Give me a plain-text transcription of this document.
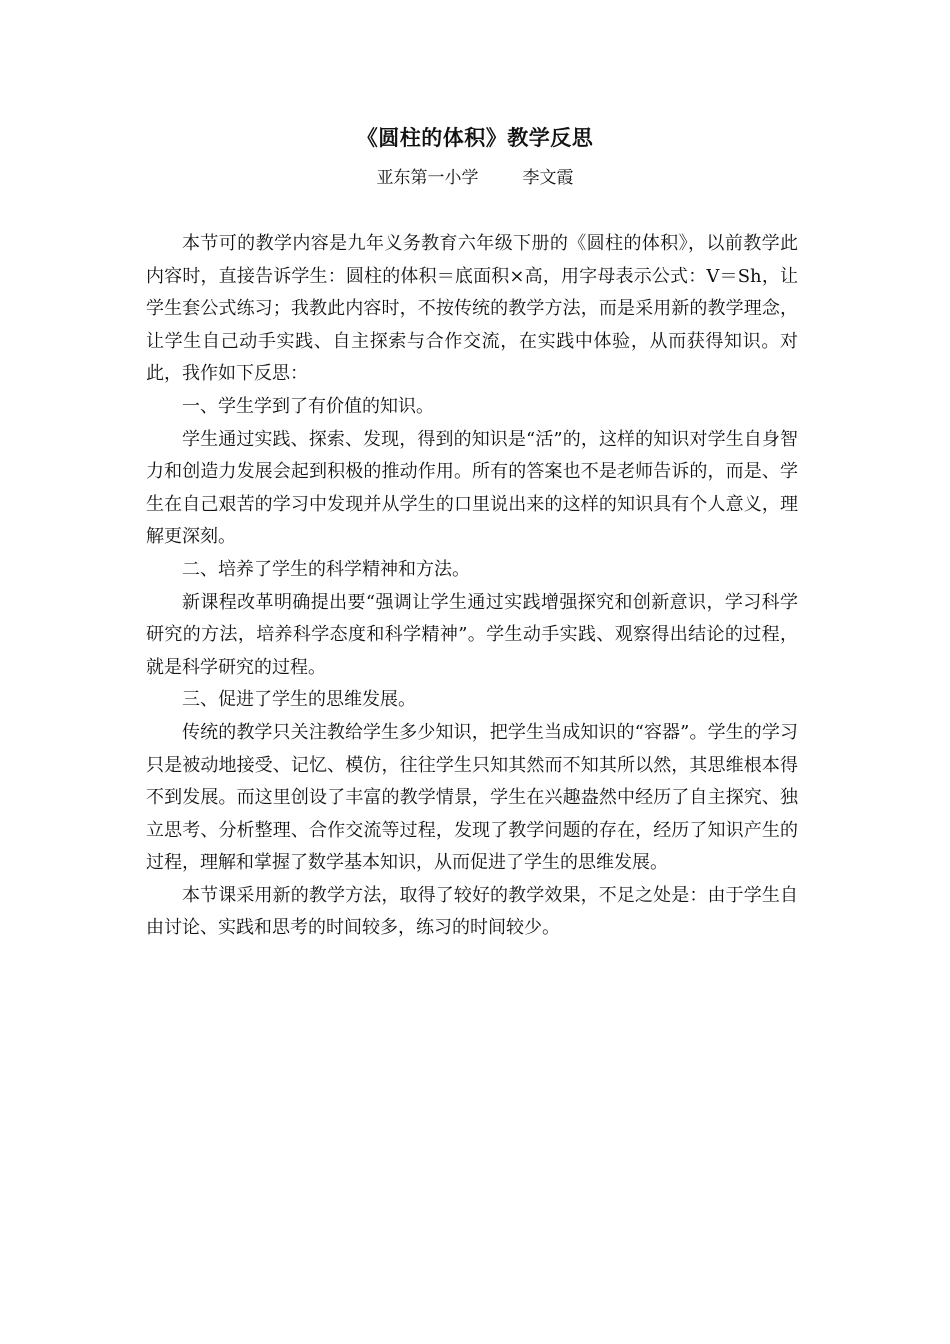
《圆柱的体积》教学反思
亚东第一小学	李文霞

本节可的教学内容是九年义务教育六年级下册的《圆柱的体积》，以前教学此内容时，直接告诉学生：圆柱的体积＝底面积×高，用字母表示公式：V＝Sh，让学生套公式练习；我教此内容时，不按传统的教学方法，而是采用新的教学理念，让学生自己动手实践、自主探索与合作交流，在实践中体验，从而获得知识。对此，我作如下反思：

一、学生学到了有价值的知识。

学生通过实践、探索、发现，得到的知识是“活”的，这样的知识对学生自身智力和创造力发展会起到积极的推动作用。所有的答案也不是老师告诉的，而是、学生在自己艰苦的学习中发现并从学生的口里说出来的这样的知识具有个人意义，理解更深刻。

二、培养了学生的科学精神和方法。

新课程改革明确提出要“强调让学生通过实践增强探究和创新意识，学习科学研究的方法，培养科学态度和科学精神”。学生动手实践、观察得出结论的过程，就是科学研究的过程。

三、促进了学生的思维发展。

传统的教学只关注教给学生多少知识，把学生当成知识的“容器”。学生的学习只是被动地接受、记忆、模仿，往往学生只知其然而不知其所以然，其思维根本得不到发展。而这里创设了丰富的教学情景，学生在兴趣盎然中经历了自主探究、独立思考、分析整理、合作交流等过程，发现了教学问题的存在，经历了知识产生的过程，理解和掌握了数学基本知识，从而促进了学生的思维发展。

本节课采用新的教学方法，取得了较好的教学效果，不足之处是：由于学生自由讨论、实践和思考的时间较多，练习的时间较少。
